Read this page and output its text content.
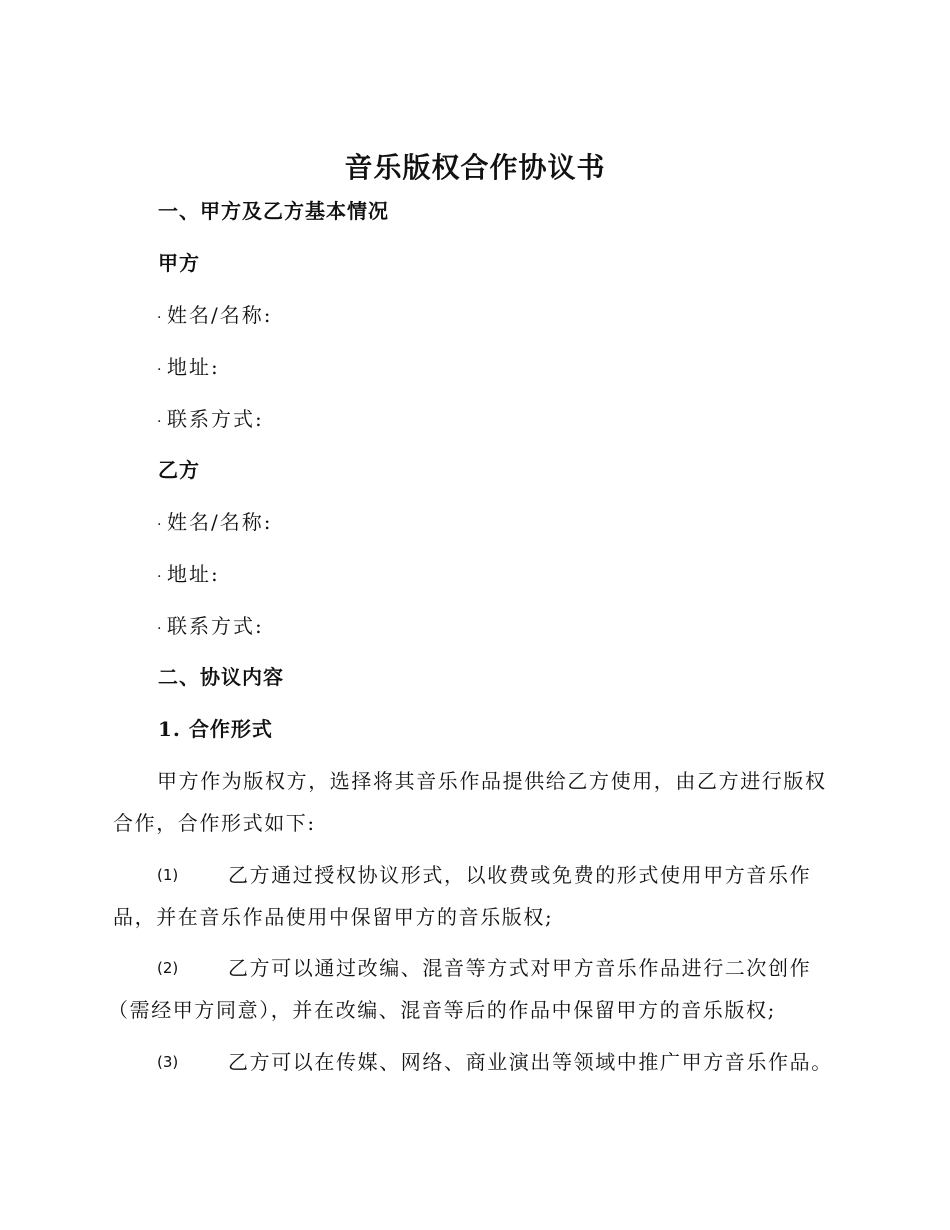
音乐版权合作协议书
一、甲方及乙方基本情况
甲方
· 姓名/名称:
· 地址:
· 联系方式:
乙方
· 姓名/名称:
· 地址:
· 联系方式:
二、协议内容
1. 合作形式
甲方作为版权方，选择将其音乐作品提供给乙方使用，由乙方进行版权
合作，合作形式如下:
(1) 乙方通过授权协议形式，以收费或免费的形式使用甲方音乐作
品，并在音乐作品使用中保留甲方的音乐版权;
(2) 乙方可以通过改编、混音等方式对甲方音乐作品进行二次创作
（需经甲方同意），并在改编、混音等后的作品中保留甲方的音乐版权;
(3) 乙方可以在传媒、网络、商业演出等领域中推广甲方音乐作品。
